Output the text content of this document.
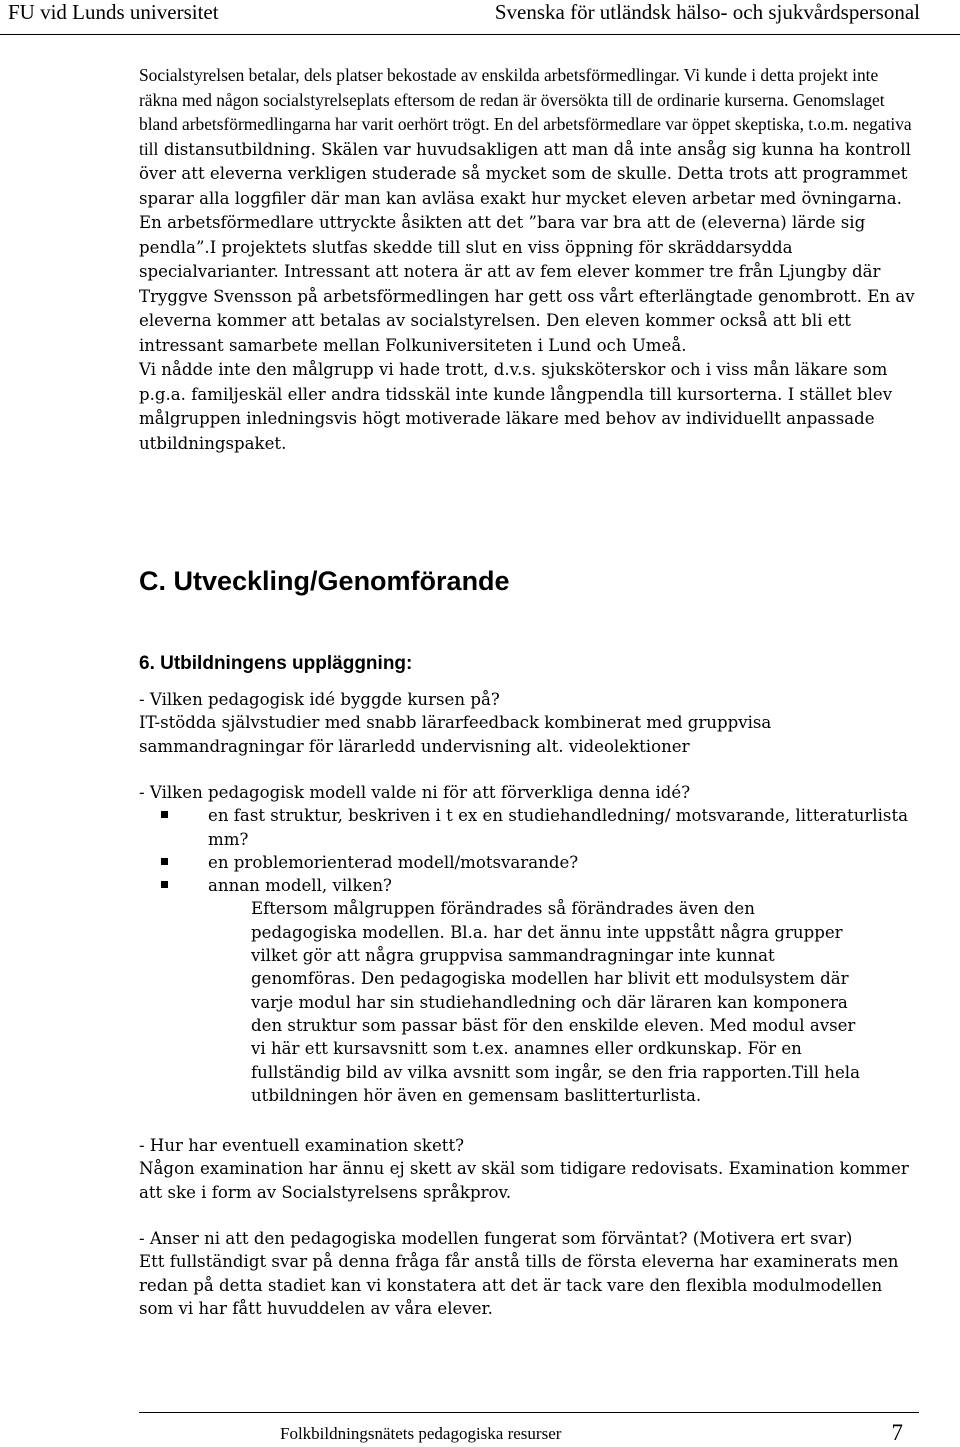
FU vid Lunds universitet	Svenska för utländsk hälso- och sjukvårdspersonal

Socialstyrelsen betalar, dels platser bekostade av enskilda arbetsförmedlingar. Vi kunde i detta projekt inte räkna med någon socialstyrelseplats eftersom de redan är översökta till de ordinarie kurserna. Genomslaget bland arbetsförmedlingarna har varit oerhört trögt. En del arbetsförmedlare var öppet skeptiska, t.o.m. negativa till distansutbildning. Skälen var huvudsakligen att man då inte ansåg sig kunna ha kontroll över att eleverna verkligen studerade så mycket som de skulle. Detta trots att programmet sparar alla loggfiler där man kan avläsa exakt hur mycket eleven arbetar med övningarna. En arbetsförmedlare uttryckte åsikten att det ”bara var bra att de (eleverna) lärde sig pendla”.I projektets slutfas skedde till slut en viss öppning för skräddarsydda specialvarianter. Intressant att notera är att av fem elever kommer tre från Ljungby där Tryggve Svensson på arbetsförmedlingen har gett oss vårt efterlängtade genombrott. En av eleverna kommer att betalas av socialstyrelsen. Den eleven kommer också att bli ett intressant samarbete mellan Folkuniversiteten i Lund och Umeå.

Vi nådde inte den målgrupp vi hade trott, d.v.s. sjuksköterskor och i viss mån läkare som p.g.a. familjeskäl eller andra tidsskäl inte kunde långpendla till kursorterna. I stället blev målgruppen inledningsvis högt motiverade läkare med behov av individuellt anpassade utbildningspaket.

C. Utveckling/Genomförande
6. Utbildningens uppläggning:

- Vilken pedagogisk idé byggde kursen på?

IT-stödda självstudier med snabb lärarfeedback kombinerat med gruppvisa sammandragningar för lärarledd undervisning alt. videolektioner

- Vilken pedagogisk modell valde ni för att förverkliga denna idé?

en fast struktur, beskriven i t ex en studiehandledning/ motsvarande, litteraturlista mm?
en problemorienterad modell/motsvarande?
annan modell, vilken?

Eftersom målgruppen förändrades så förändrades även den pedagogiska modellen. Bl.a. har det ännu inte uppstått några grupper vilket gör att några gruppvisa sammandragningar inte kunnat genomföras. Den pedagogiska modellen har blivit ett modulsystem där varje modul har sin studiehandledning och där läraren kan komponera den struktur som passar bäst för den enskilde eleven. Med modul avser vi här ett kursavsnitt som t.ex. anamnes eller ordkunskap. För en fullständig bild av vilka avsnitt som ingår, se den fria rapporten.Till hela utbildningen hör även en gemensam baslitterturlista.

- Hur har eventuell examination skett?

Någon examination har ännu ej skett av skäl som tidigare redovisats. Examination kommer att ske i form av Socialstyrelsens språkprov.

- Anser ni att den pedagogiska modellen fungerat som förväntat? (Motivera ert svar)

Ett fullständigt svar på denna fråga får anstå tills de första eleverna har examinerats men redan på detta stadiet kan vi konstatera att det är tack vare den flexibla modulmodellen som vi har fått huvuddelen av våra elever.

Folkbildningsnätets pedagogiska resurser	7
